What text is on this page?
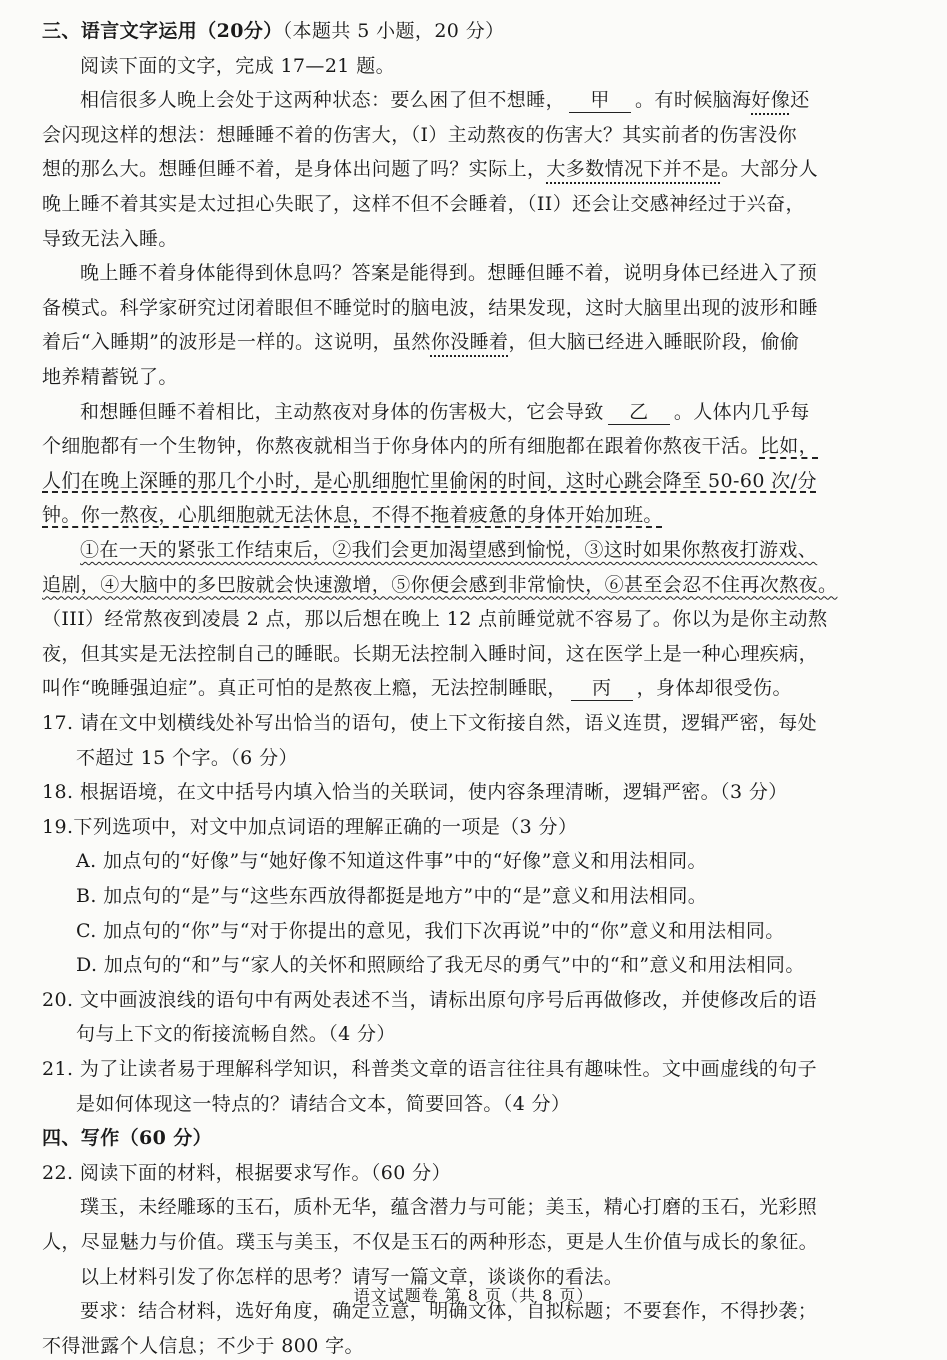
三、语言文字运用（20分）（本题共 5 小题，20 分）
阅读下面的文字，完成 17—21 题。
相信很多人晚上会处于这两种状态：要么困了但不想睡， 甲 。有时候脑海好像还
会闪现这样的想法：想睡睡不着的伤害大，（I）主动熬夜的伤害大？其实前者的伤害没你
想的那么大。想睡但睡不着，是身体出问题了吗？实际上，大多数情况下并不是。大部分人
晚上睡不着其实是太过担心失眠了，这样不但不会睡着，（II）还会让交感神经过于兴奋，
导致无法入睡。
晚上睡不着身体能得到休息吗？答案是能得到。想睡但睡不着，说明身体已经进入了预
备模式。科学家研究过闭着眼但不睡觉时的脑电波，结果发现，这时大脑里出现的波形和睡
着后“入睡期”的波形是一样的。这说明，虽然你没睡着，但大脑已经进入睡眠阶段，偷偷
地养精蓄锐了。
和想睡但睡不着相比，主动熬夜对身体的伤害极大，它会导致 乙 。人体内几乎每
个细胞都有一个生物钟，你熬夜就相当于你身体内的所有细胞都在跟着你熬夜干活。比如，
人们在晚上深睡的那几个小时，是心肌细胞忙里偷闲的时间，这时心跳会降至 50-60 次/分
钟。你一熬夜，心肌细胞就无法休息，不得不拖着疲惫的身体开始加班。
①在一天的紧张工作结束后，②我们会更加渴望感到愉悦，③这时如果你熬夜打游戏、
追剧，④大脑中的多巴胺就会快速激增，⑤你便会感到非常愉快，⑥甚至会忍不住再次熬夜。
（III）经常熬夜到凌晨 2 点，那以后想在晚上 12 点前睡觉就不容易了。你以为是你主动熬
夜，但其实是无法控制自己的睡眠。长期无法控制入睡时间，这在医学上是一种心理疾病，
叫作“晚睡强迫症”。真正可怕的是熬夜上瘾，无法控制睡眠， 丙 ，身体却很受伤。
17. 请在文中划横线处补写出恰当的语句，使上下文衔接自然，语义连贯，逻辑严密，每处
不超过 15 个字。（6 分）
18. 根据语境，在文中括号内填入恰当的关联词，使内容条理清晰，逻辑严密。（3 分）
19.下列选项中，对文中加点词语的理解正确的一项是（3 分）
A. 加点句的“好像”与“她好像不知道这件事”中的“好像”意义和用法相同。
B. 加点句的“是”与“这些东西放得都挺是地方”中的“是”意义和用法相同。
C. 加点句的“你”与“对于你提出的意见，我们下次再说”中的“你”意义和用法相同。
D. 加点句的“和”与“家人的关怀和照顾给了我无尽的勇气”中的“和”意义和用法相同。
20. 文中画波浪线的语句中有两处表述不当，请标出原句序号后再做修改，并使修改后的语
句与上下文的衔接流畅自然。（4 分）
21. 为了让读者易于理解科学知识，科普类文章的语言往往具有趣味性。文中画虚线的句子
是如何体现这一特点的？请结合文本，简要回答。（4 分）
四、写作（60 分）
22. 阅读下面的材料，根据要求写作。（60 分）
璞玉，未经雕琢的玉石，质朴无华，蕴含潜力与可能；美玉，精心打磨的玉石，光彩照
人，尽显魅力与价值。璞玉与美玉，不仅是玉石的两种形态，更是人生价值与成长的象征。
以上材料引发了你怎样的思考？请写一篇文章，谈谈你的看法。
要求：结合材料，选好角度，确定立意，明确文体，自拟标题；不要套作，不得抄袭；
不得泄露个人信息；不少于 800 字。
语文试题卷 第 8 页（共 8 页）
